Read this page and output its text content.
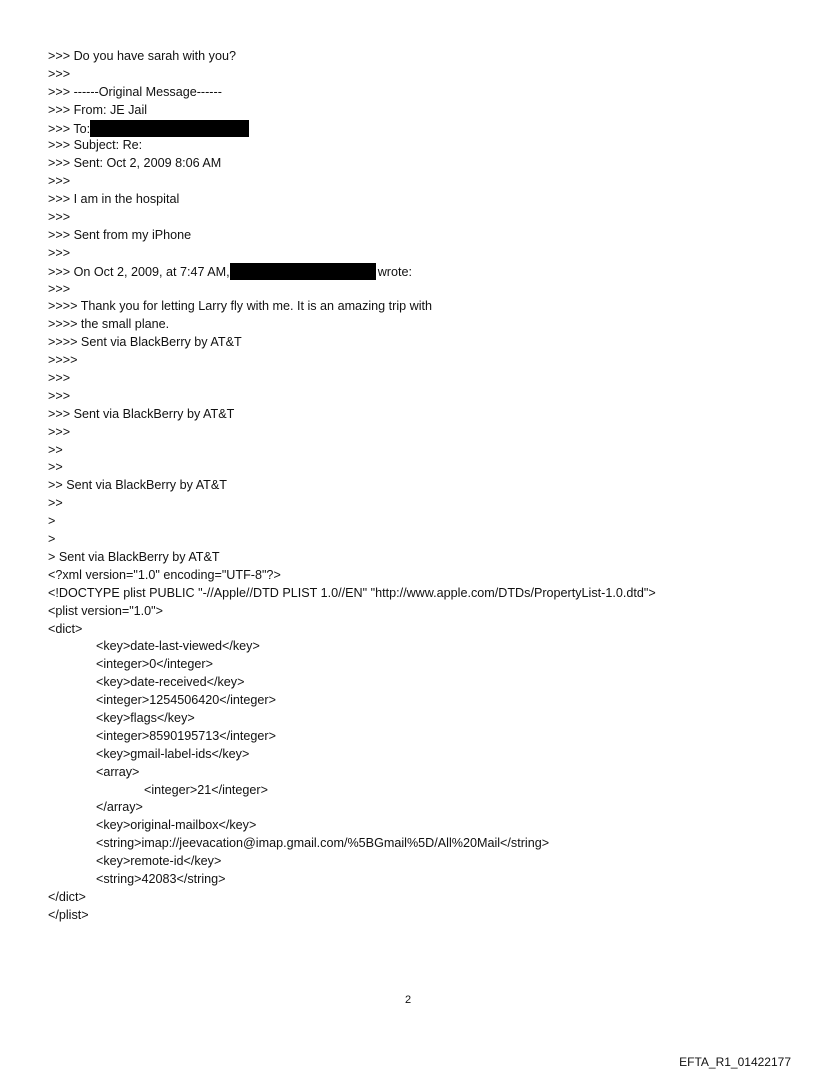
>>> Do you have sarah with you?
>>>
>>> ------Original Message------
>>> From: JE Jail
>>> To:
>>> Subject: Re:
>>> Sent: Oct 2, 2009 8:06 AM
>>>
>>> I am in the hospital
>>>
>>> Sent from my iPhone
>>>
>>> On Oct 2, 2009, at 7:47 AM,	wrote:
>>>
>>>> Thank you for letting Larry fly with me. It is an amazing trip with
>>>> the small plane.
>>>> Sent via BlackBerry by AT&T
>>>>
>>>
>>>
>>> Sent via BlackBerry by AT&T
>>>
>>
>>
>> Sent via BlackBerry by AT&T
>>
>
>
> Sent via BlackBerry by AT&T
<?xml version="1.0" encoding="UTF-8"?>
<!DOCTYPE plist PUBLIC "-//Apple//DTD PLIST 1.0//EN" "http://www.apple.com/DTDs/PropertyList-1.0.dtd">
<plist version="1.0">
<dict>
<key>date-last-viewed</key>
<integer>0</integer>
<key>date-received</key>
<integer>1254506420</integer>
<key>flags</key>
<integer>8590195713</integer>
<key>gmail-label-ids</key>
<array>
<integer>21</integer>
</array>
<key>original-mailbox</key>
<string>imap://jeevacation@imap.gmail.com/%5BGmail%5D/All%20Mail</string>
<key>remote-id</key>
<string>42083</string>
</dict>
</plist>
2
EFTA_R1_01422177
